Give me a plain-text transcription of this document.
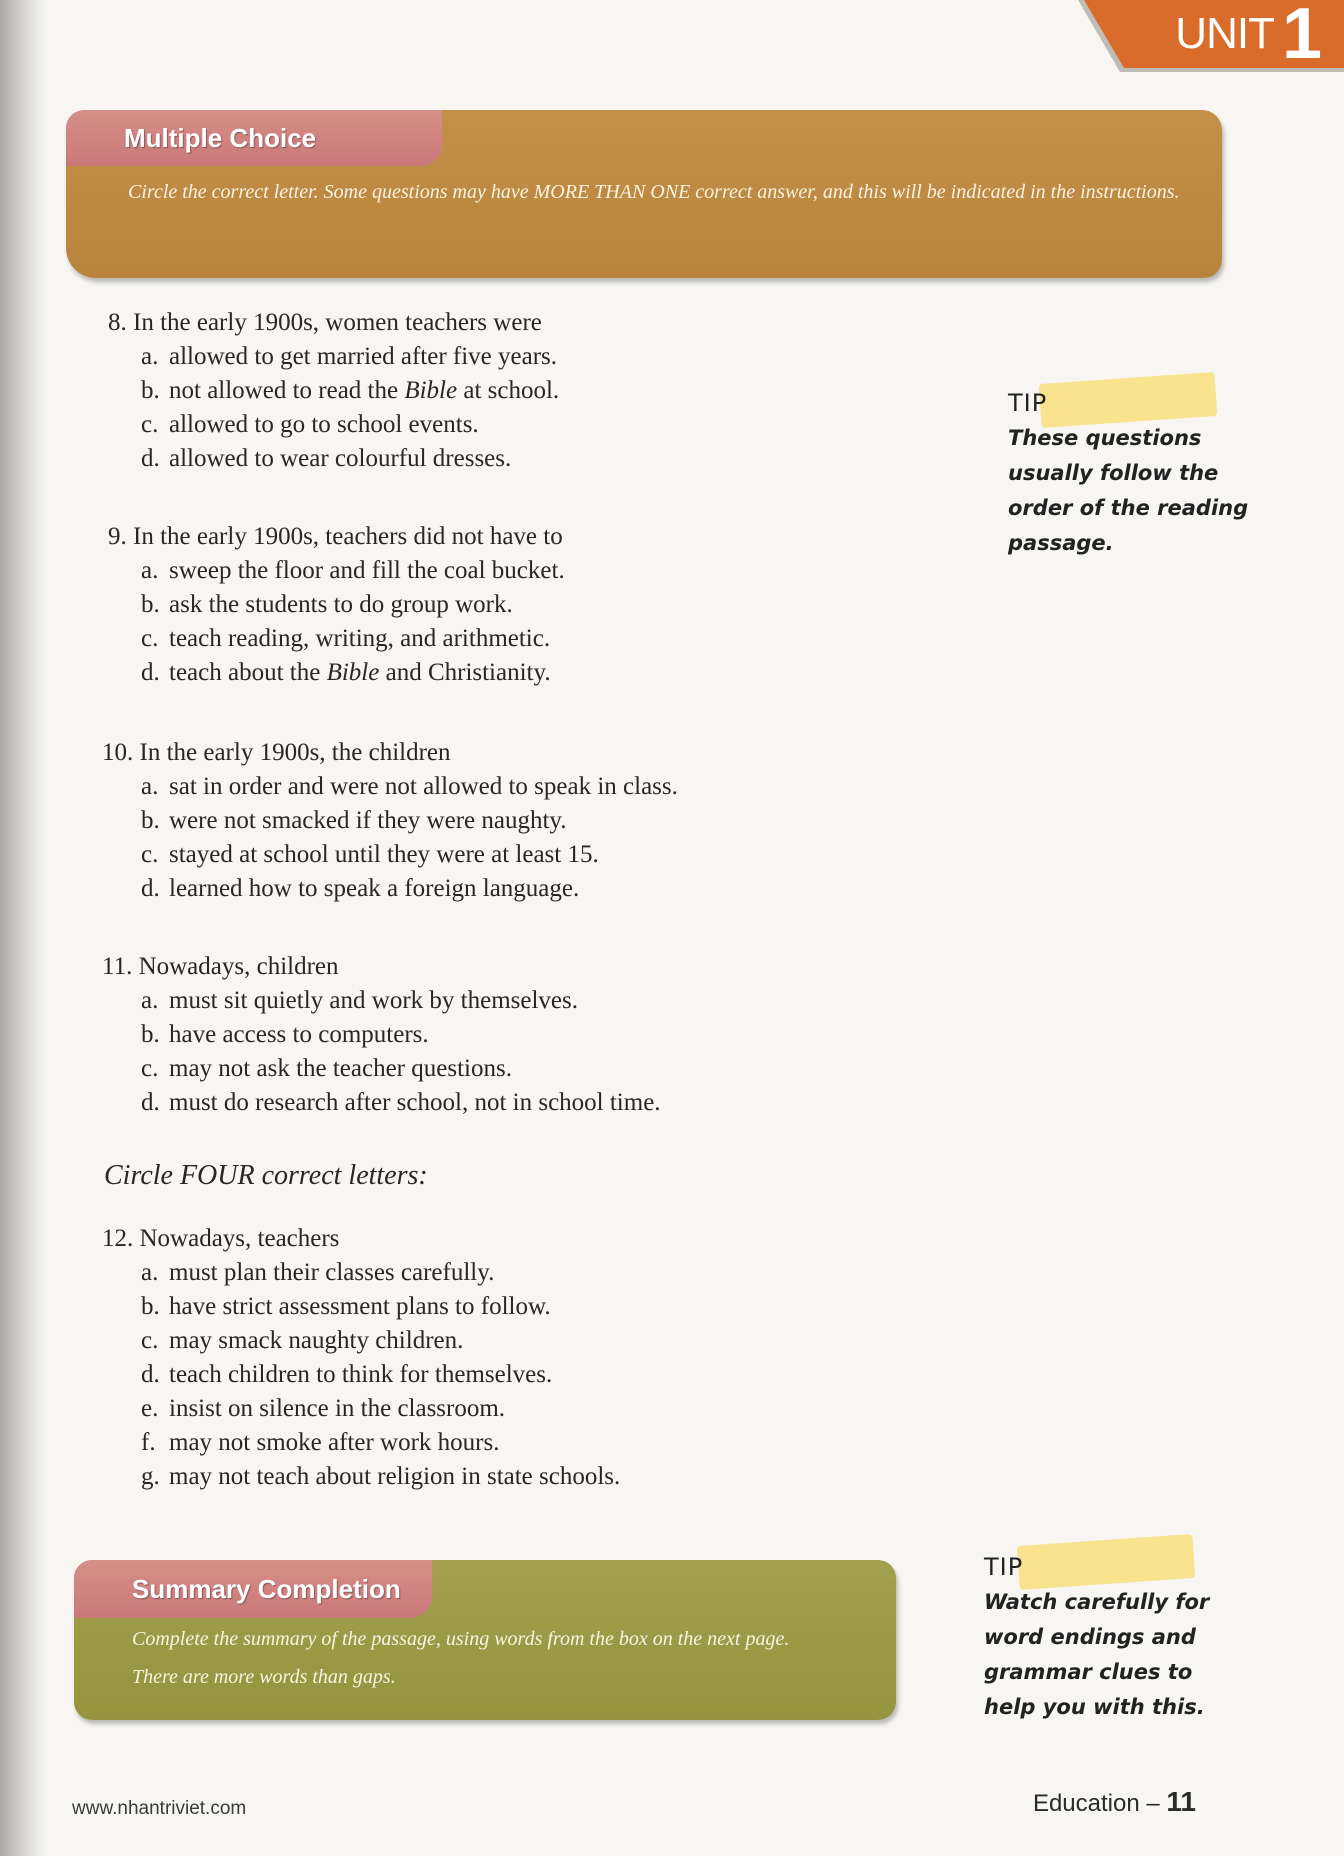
UNIT 1
Multiple Choice
Circle the correct letter. Some questions may have MORE THAN ONE correct answer, and this will be indicated in the instructions.
TIP
These questions
usually follow the
order of the reading
passage.
8. In the early 1900s, women teachers were
a. allowed to get married after five years.
b. not allowed to read the Bible at school.
c. allowed to go to school events.
d. allowed to wear colourful dresses.
9. In the early 1900s, teachers did not have to
a. sweep the floor and fill the coal bucket.
b. ask the students to do group work.
c. teach reading, writing, and arithmetic.
d. teach about the Bible and Christianity.
10. In the early 1900s, the children
a. sat in order and were not allowed to speak in class.
b. were not smacked if they were naughty.
c. stayed at school until they were at least 15.
d. learned how to speak a foreign language.
11. Nowadays, children
a. must sit quietly and work by themselves.
b. have access to computers.
c. may not ask the teacher questions.
d. must do research after school, not in school time.
Circle FOUR correct letters:
12. Nowadays, teachers
a. must plan their classes carefully.
b. have strict assessment plans to follow.
c. may smack naughty children.
d. teach children to think for themselves.
e. insist on silence in the classroom.
f. may not smoke after work hours.
g. may not teach about religion in state schools.
Summary Completion
Complete the summary of the passage, using words from the box on the next page.
There are more words than gaps.
TIP
Watch carefully for
word endings and
grammar clues to
help you with this.
www.nhantriviet.com	Education – 11
